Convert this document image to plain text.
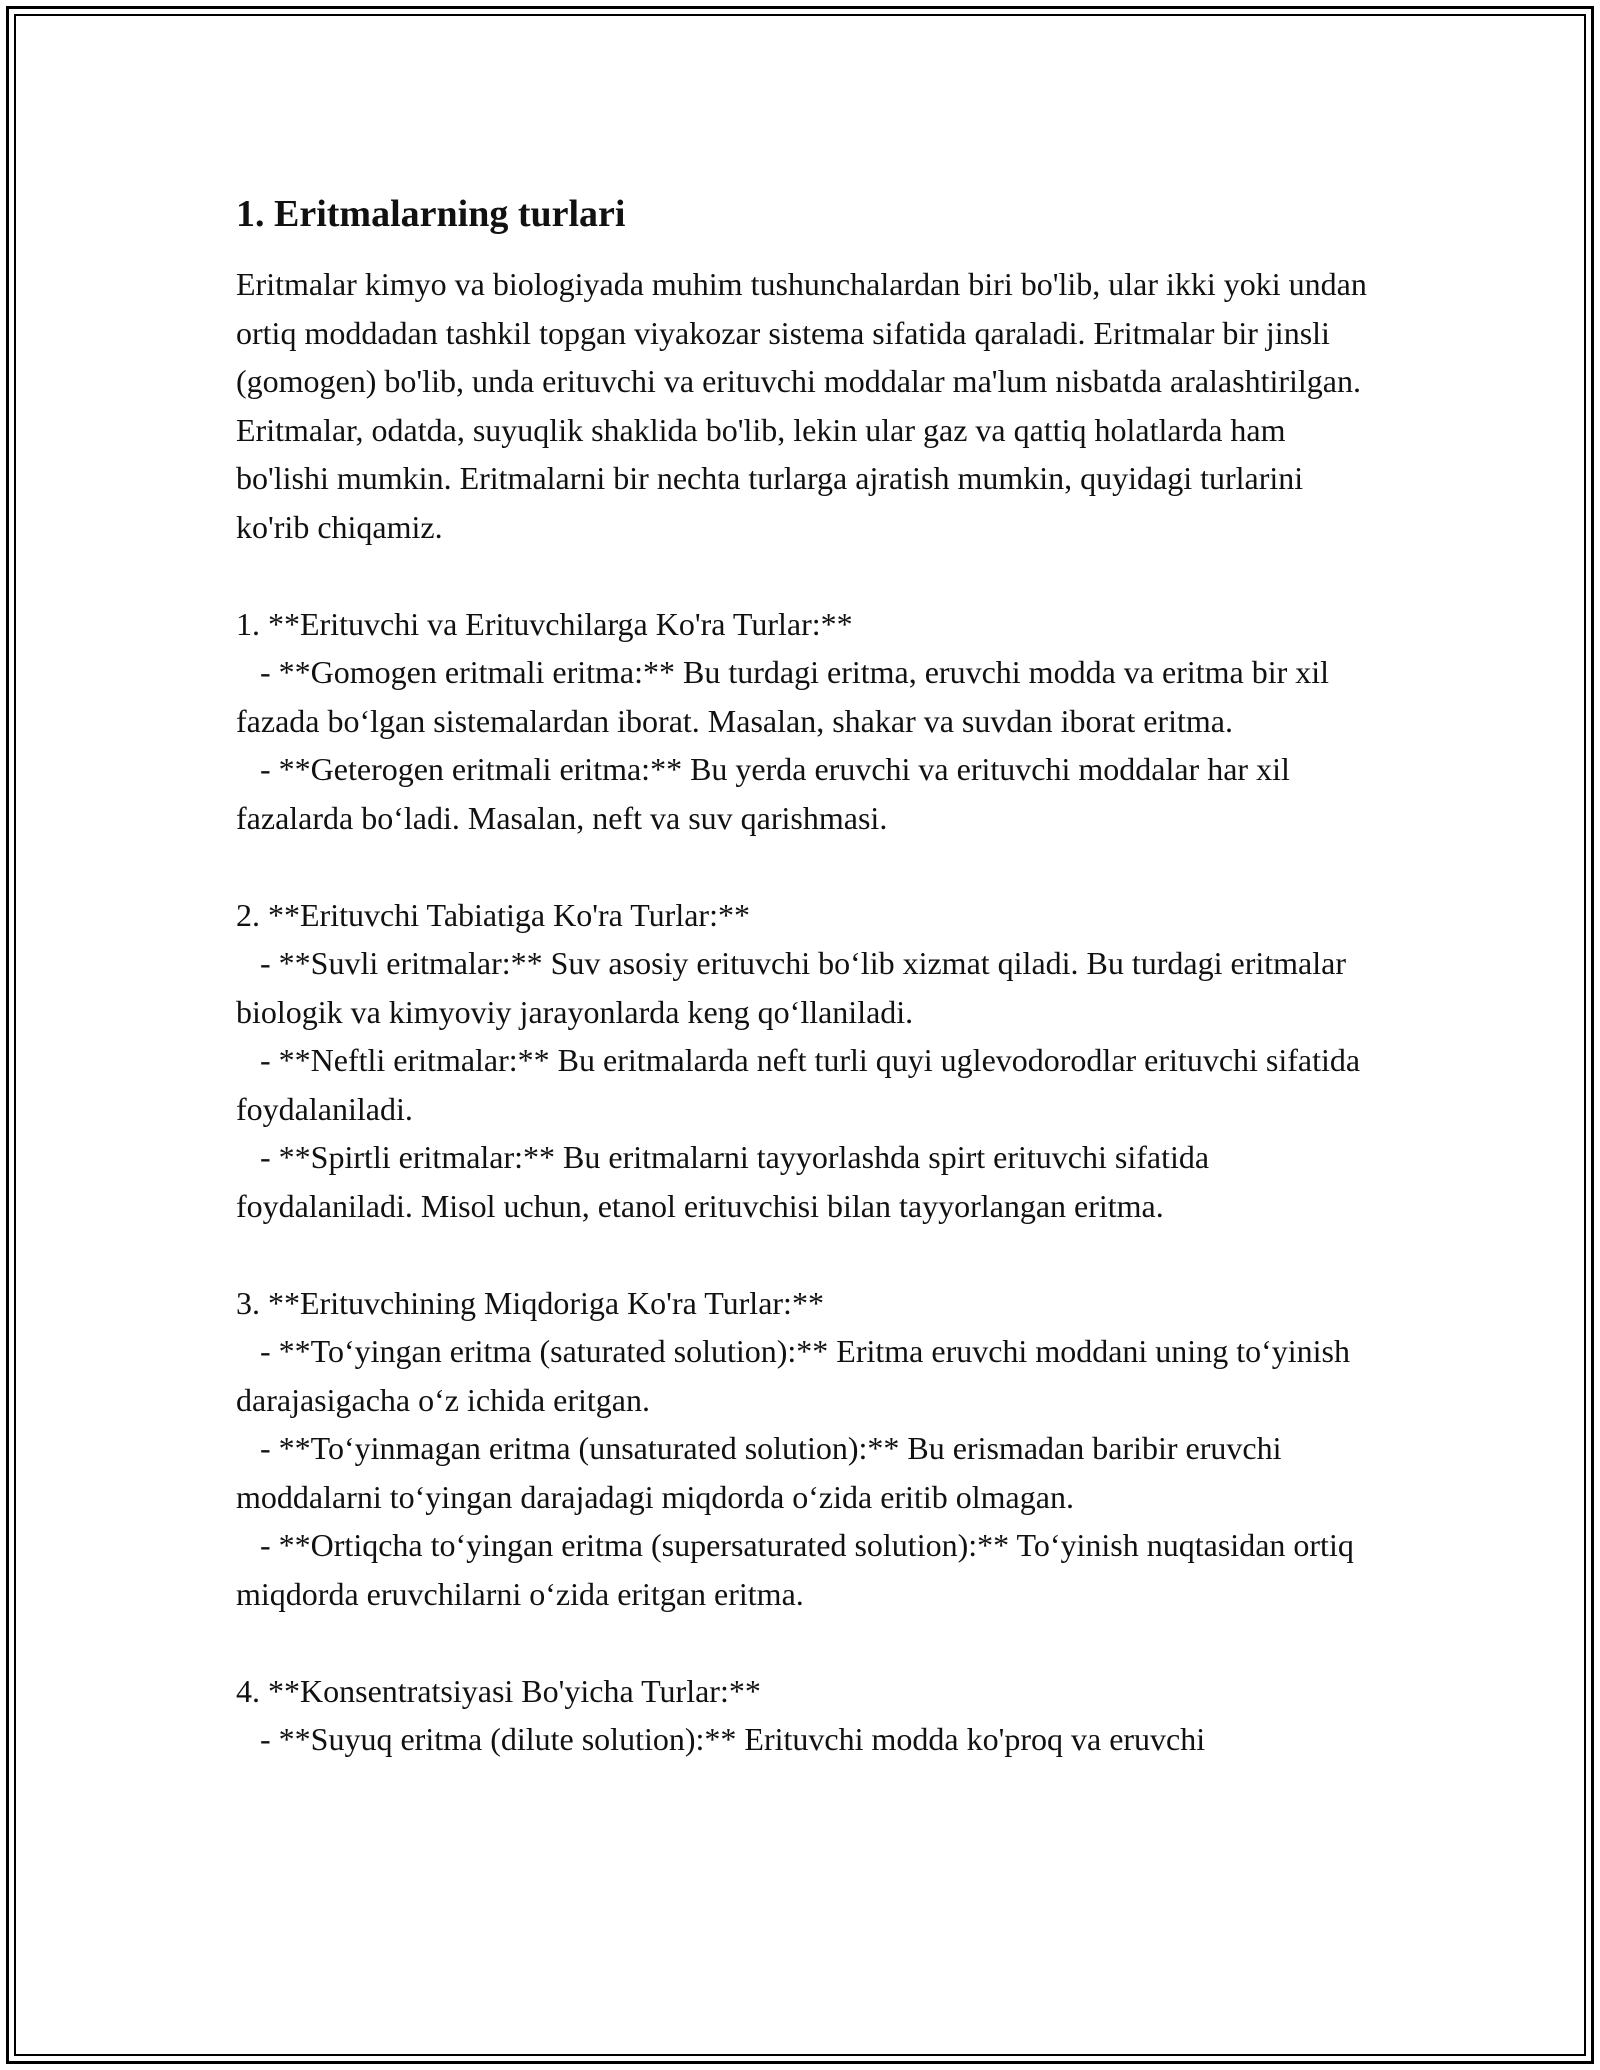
1. Eritmalarning turlari

Eritmalar kimyo va biologiyada muhim tushunchalardan biri bo'lib, ular ikki yoki undan ortiq moddadan tashkil topgan viyakozar sistema sifatida qaraladi. Eritmalar bir jinsli (gomogen) bo'lib, unda erituvchi va erituvchi moddalar ma'lum nisbatda aralashtirilgan. Eritmalar, odatda, suyuqlik shaklida bo'lib, lekin ular gaz va qattiq holatlarda ham bo'lishi mumkin. Eritmalarni bir nechta turlarga ajratish mumkin, quyidagi turlarini ko'rib chiqamiz.

1. **Erituvchi va Erituvchilarga Ko'ra Turlar:**

- **Gomogen eritmali eritma:** Bu turdagi eritma, eruvchi modda va eritma bir xil fazada bo‘lgan sistemalardan iborat. Masalan, shakar va suvdan iborat eritma.

- **Geterogen eritmali eritma:** Bu yerda eruvchi va erituvchi moddalar har xil fazalarda bo‘ladi. Masalan, neft va suv qarishmasi.

2. **Erituvchi Tabiatiga Ko'ra Turlar:**

- **Suvli eritmalar:** Suv asosiy erituvchi bo‘lib xizmat qiladi. Bu turdagi eritmalar biologik va kimyoviy jarayonlarda keng qo‘llaniladi.

- **Neftli eritmalar:** Bu eritmalarda neft turli quyi uglevodorodlar erituvchi sifatida foydalaniladi.

- **Spirtli eritmalar:** Bu eritmalarni tayyorlashda spirt erituvchi sifatida foydalaniladi. Misol uchun, etanol erituvchisi bilan tayyorlangan eritma.

3. **Erituvchining Miqdoriga Ko'ra Turlar:**

- **To‘yingan eritma (saturated solution):** Eritma eruvchi moddani uning to‘yinish darajasigacha o‘z ichida eritgan.

- **To‘yinmagan eritma (unsaturated solution):** Bu erismadan baribir eruvchi moddalarni to‘yingan darajadagi miqdorda o‘zida eritib olmagan.

- **Ortiqcha to‘yingan eritma (supersaturated solution):** To‘yinish nuqtasidan ortiq miqdorda eruvchilarni o‘zida eritgan eritma.

4. **Konsentratsiyasi Bo'yicha Turlar:**

- **Suyuq eritma (dilute solution):** Erituvchi modda ko'proq va eruvchi
